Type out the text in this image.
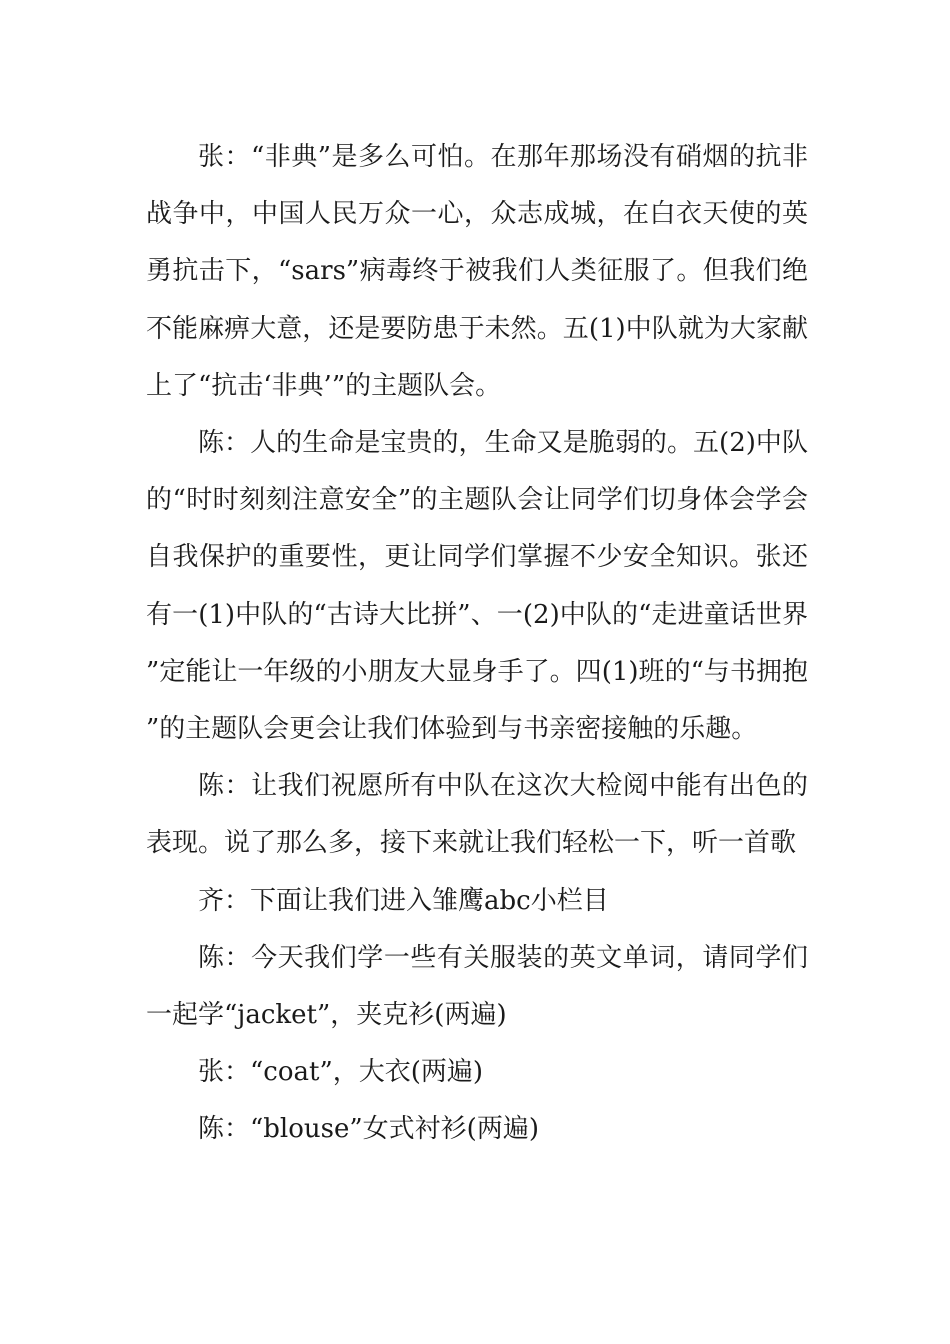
张：“非典”是多么可怕。在那年那场没有硝烟的抗非战争中，中国人民万众一心，众志成城，在白衣天使的英勇抗击下，“sars”病毒终于被我们人类征服了。但我们绝不能麻痹大意，还是要防患于未然。五(1)中队就为大家献上了“抗击‘非典’”的主题队会。

陈：人的生命是宝贵的，生命又是脆弱的。五(2)中队的“时时刻刻注意安全”的主题队会让同学们切身体会学会自我保护的重要性，更让同学们掌握不少安全知识。张还有一(1)中队的“古诗大比拼”、一(2)中队的“走进童话世界”定能让一年级的小朋友大显身手了。四(1)班的“与书拥抱”的主题队会更会让我们体验到与书亲密接触的乐趣。

陈：让我们祝愿所有中队在这次大检阅中能有出色的表现。说了那么多，接下来就让我们轻松一下，听一首歌

齐：下面让我们进入雏鹰abc小栏目

陈：今天我们学一些有关服装的英文单词，请同学们一起学“jacket”，夹克衫(两遍)

张：“coat”，大衣(两遍)

陈：“blouse”女式衬衫(两遍)
